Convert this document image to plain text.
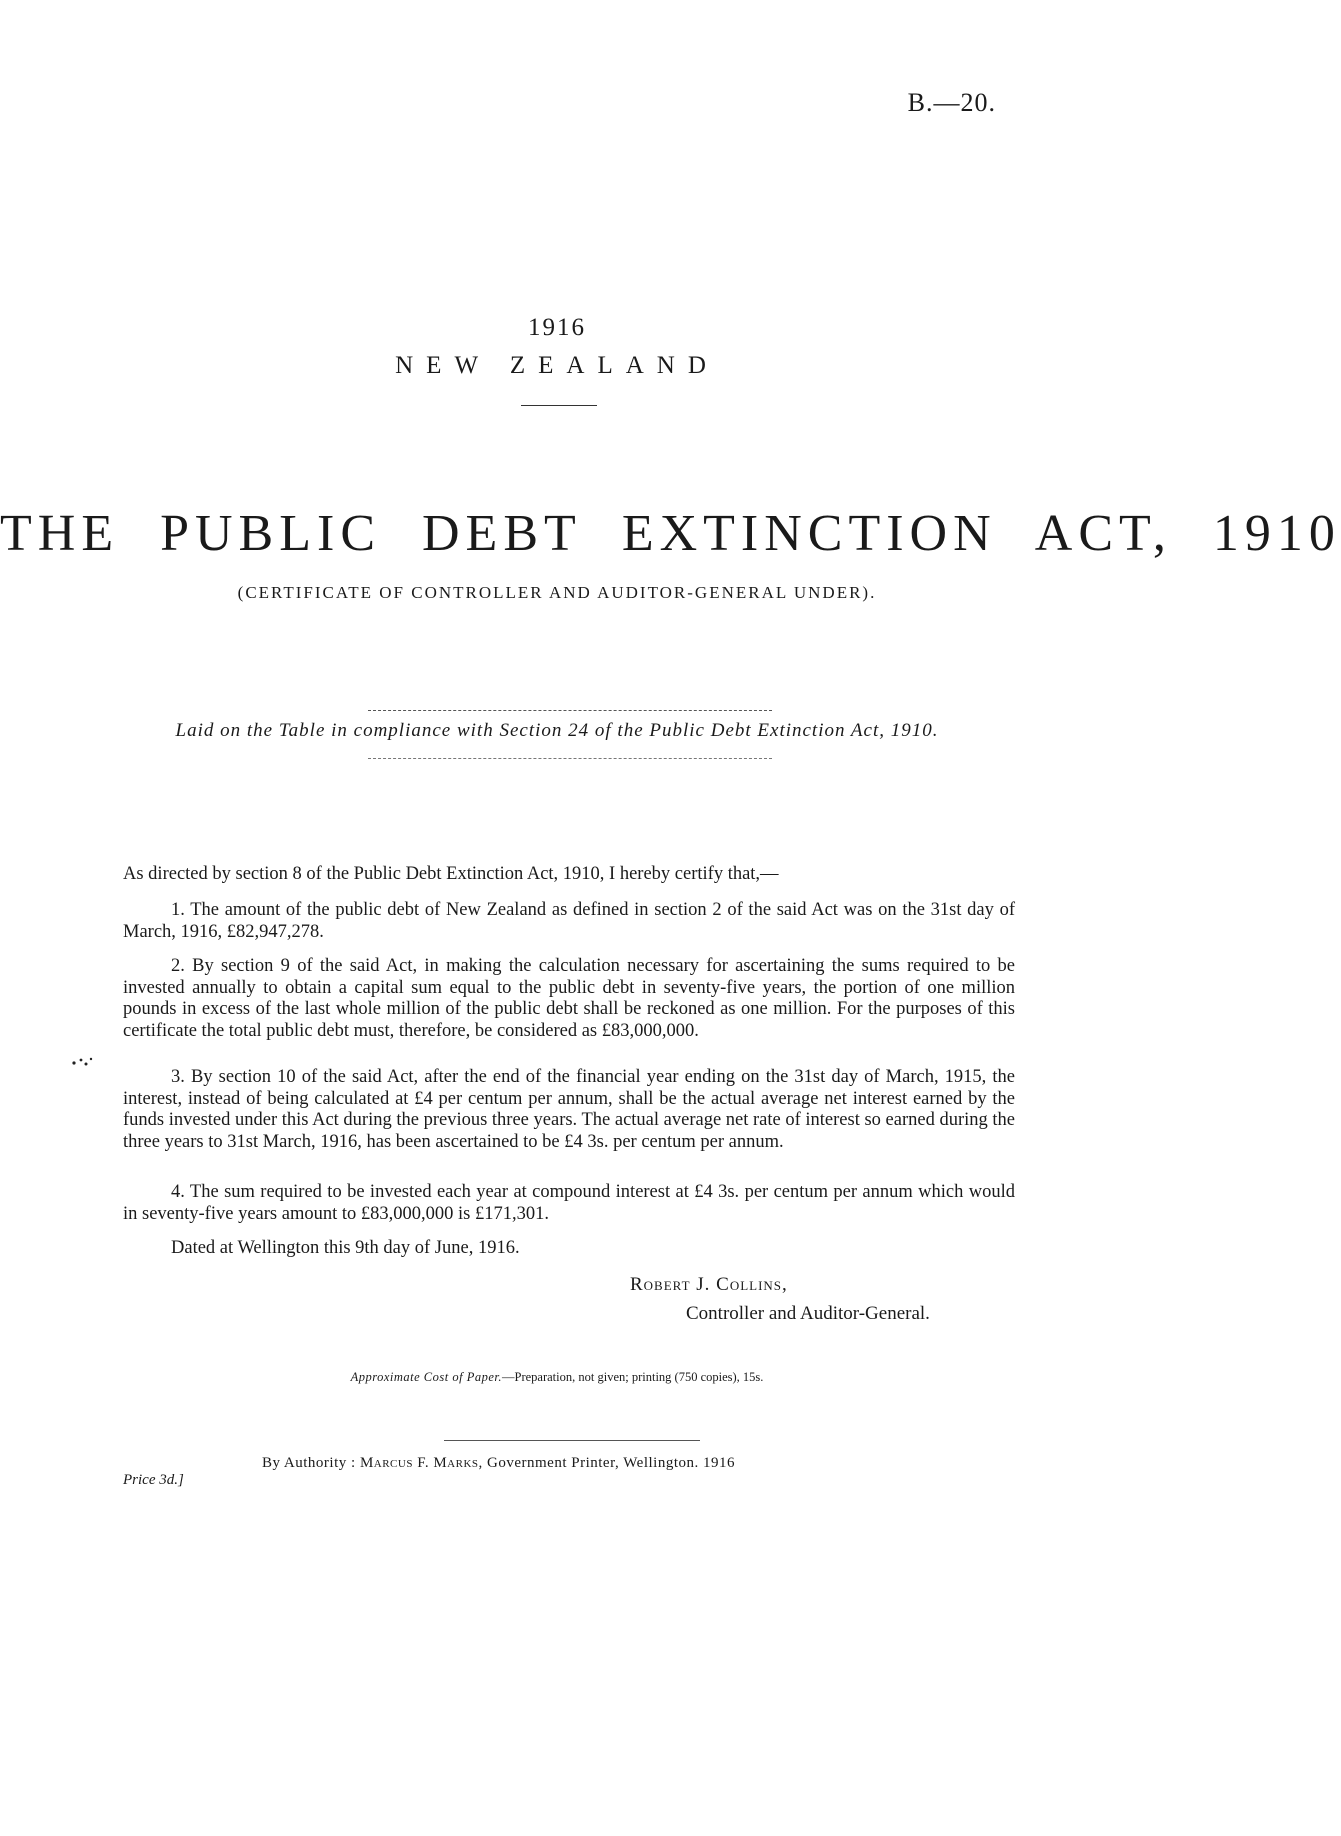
B.—20.
1916
NEW ZEALAND
THE PUBLIC DEBT EXTINCTION ACT, 1910
(CERTIFICATE OF CONTROLLER AND AUDITOR-GENERAL UNDER).
Laid on the Table in compliance with Section 24 of the Public Debt Extinction Act, 1910.

As directed by section 8 of the Public Debt Extinction Act, 1910, I hereby certify that,—

1. The amount of the public debt of New Zealand as defined in section 2 of the said Act was on the 31st day of March, 1916, £82,947,278.

2. By section 9 of the said Act, in making the calculation necessary for ascertaining the sums required to be invested annually to obtain a capital sum equal to the public debt in seventy-five years, the portion of one million pounds in excess of the last whole million of the public debt shall be reckoned as one million. For the purposes of this certificate the total public debt must, therefore, be considered as £83,000,000.

3. By section 10 of the said Act, after the end of the financial year ending on the 31st day of March, 1915, the interest, instead of being calculated at £4 per centum per annum, shall be the actual average net interest earned by the funds invested under this Act during the previous three years. The actual average net rate of interest so earned during the three years to 31st March, 1916, has been ascertained to be £4 3s. per centum per annum.

4. The sum required to be invested each year at compound interest at £4 3s. per centum per annum which would in seventy-five years amount to £83,000,000 is £171,301.

Dated at Wellington this 9th day of June, 1916.

Robert J. Collins,
Controller and Auditor-General.
Approximate Cost of Paper.—Preparation, not given; printing (750 copies), 15s.
By Authority : Marcus F. Marks, Government Printer, Wellington. 1916
Price 3d.]
